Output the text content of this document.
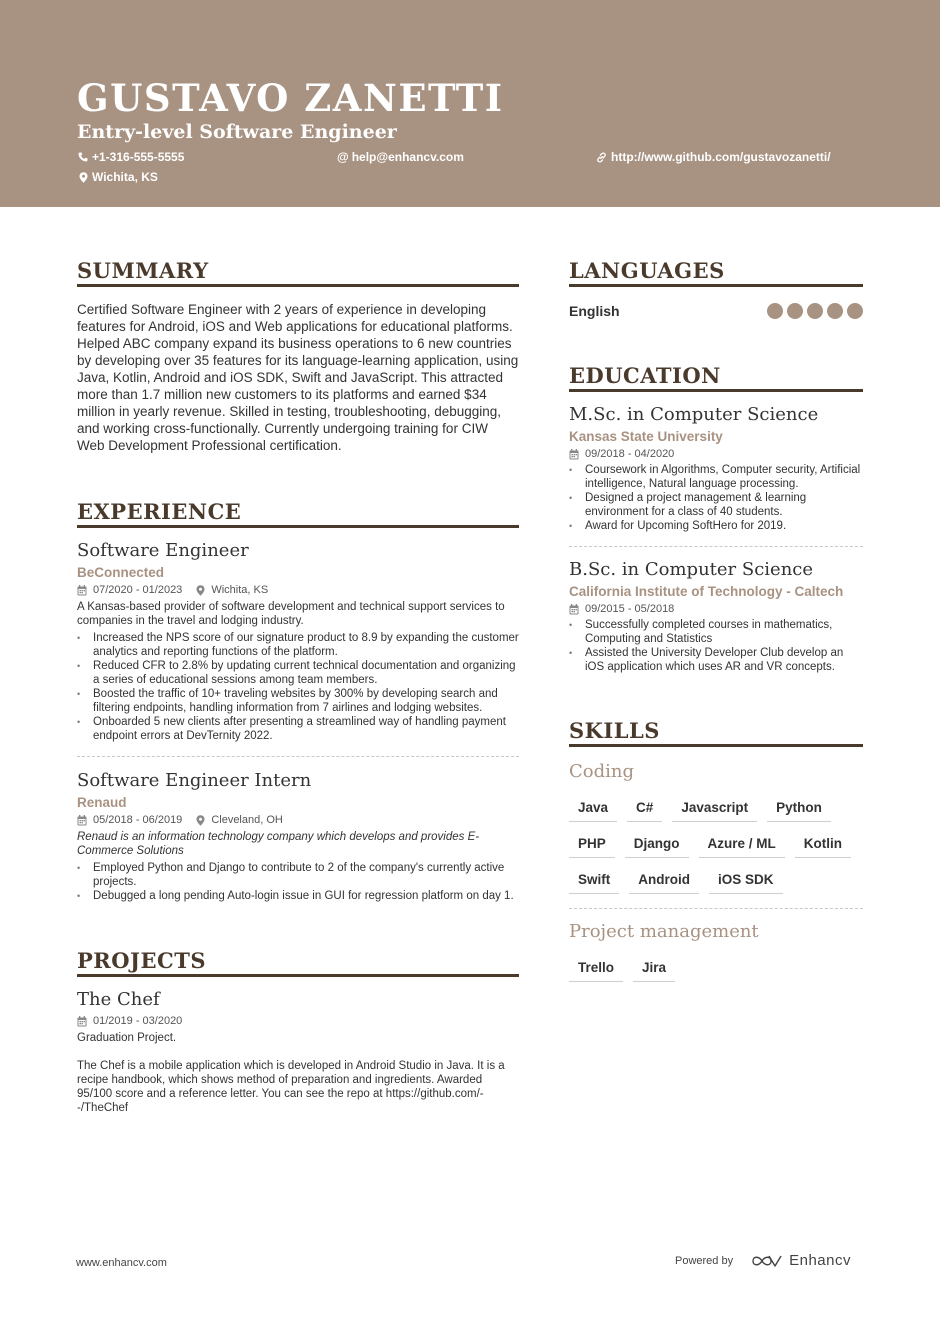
GUSTAVO ZANETTI
Entry-level Software Engineer
+1-316-555-5555	@ help@enhancv.com	http://www.github.com/gustavozanetti/
Wichita, KS
SUMMARY
Certified Software Engineer with 2 years of experience in developing features for Android, iOS and Web applications for educational platforms. Helped ABC company expand its business operations to 6 new countries by developing over 35 features for its language-learning application, using Java, Kotlin, Android and iOS SDK, Swift and JavaScript. This attracted more than 1.7 million new customers to its platforms and earned $34 million in yearly revenue. Skilled in testing, troubleshooting, debugging, and working cross-functionally. Currently undergoing training for CIW Web Development Professional certification.
EXPERIENCE
Software Engineer
BeConnected
07/2020 - 01/2023	Wichita, KS
A Kansas-based provider of software development and technical support services to companies in the travel and lodging industry.
• Increased the NPS score of our signature product to 8.9 by expanding the customer analytics and reporting functions of the platform.
• Reduced CFR to 2.8% by updating current technical documentation and organizing a series of educational sessions among team members.
• Boosted the traffic of 10+ traveling websites by 300% by developing search and filtering endpoints, handling information from 7 airlines and lodging websites.
• Onboarded 5 new clients after presenting a streamlined way of handling payment endpoint errors at DevTernity 2022.
Software Engineer Intern
Renaud
05/2018 - 06/2019	Cleveland, OH
Renaud is an information technology company which develops and provides E-Commerce Solutions
• Employed Python and Django to contribute to 2 of the company's currently active projects.
• Debugged a long pending Auto-login issue in GUI for regression platform on day 1.
PROJECTS
The Chef
01/2019 - 03/2020
Graduation Project.
The Chef is a mobile application which is developed in Android Studio in Java. It is a recipe handbook, which shows method of preparation and ingredients. Awarded 95/100 score and a reference letter. You can see the repo at https://github.com/--/TheChef
LANGUAGES
English
EDUCATION
M.Sc. in Computer Science
Kansas State University
09/2018 - 04/2020
• Coursework in Algorithms, Computer security, Artificial intelligence, Natural language processing.
• Designed a project management & learning environment for a class of 40 students.
• Award for Upcoming SoftHero for 2019.
B.Sc. in Computer Science
California Institute of Technology - Caltech
09/2015 - 05/2018
• Successfully completed courses in mathematics, Computing and Statistics
• Assisted the University Developer Club develop an iOS application which uses AR and VR concepts.
SKILLS
Coding
Java	C#	Javascript	Python
PHP	Django	Azure / ML	Kotlin
Swift	Android	iOS SDK
Project management
Trello	Jira
www.enhancv.com	Powered by	Enhancv
